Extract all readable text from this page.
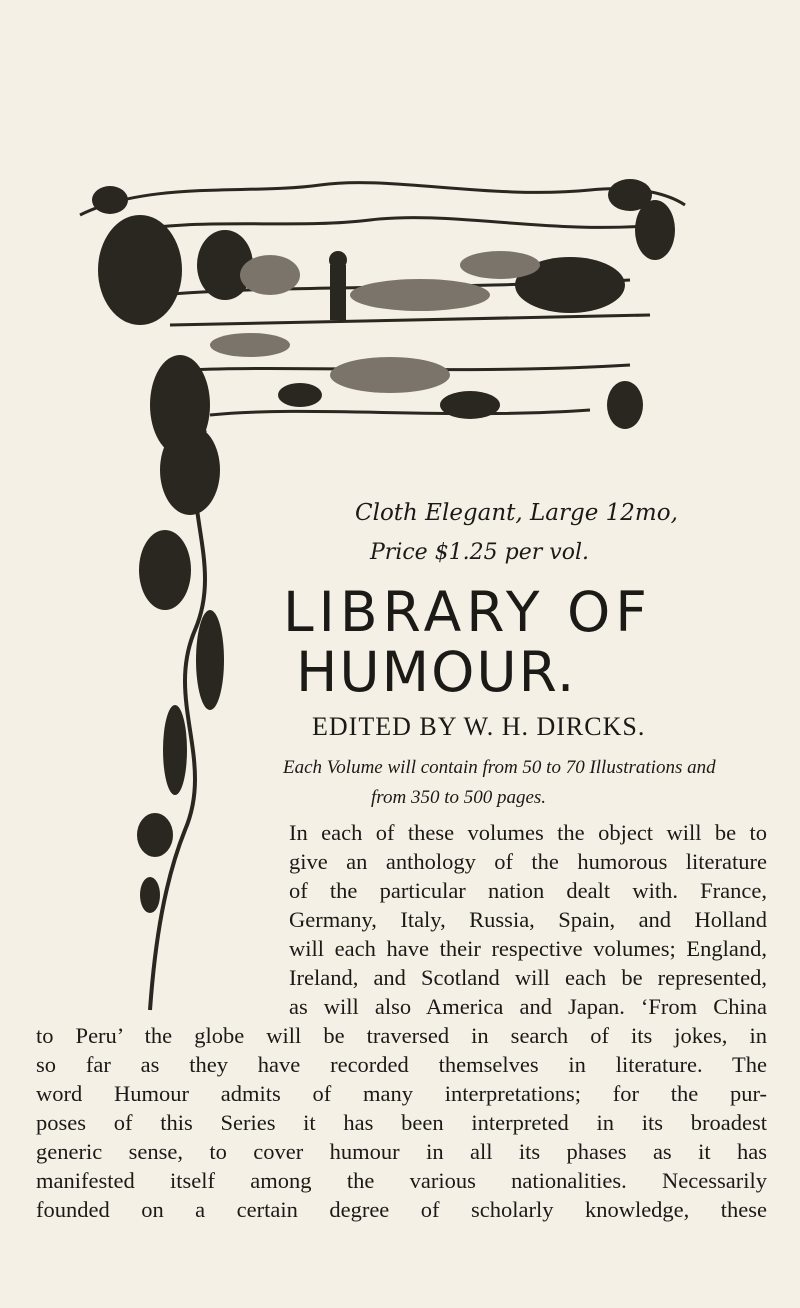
Cloth Elegant, Large 12mo,
Price $1.25 per vol.
LIBRARY OF
HUMOUR.
EDITED BY W. H. DIRCKS.
Each Volume will contain from 50 to 70 Illustrations and
from 350 to 500 pages.
In each of these volumes the object will be to
give an anthology of the humorous literature
of the particular nation dealt with. France,
Germany, Italy, Russia, Spain, and Holland
will each have their respective volumes; England,
Ireland, and Scotland will each be represented,
as will also America and Japan. ‘From China
to Peru’ the globe will be traversed in search of its jokes, in
so far as they have recorded themselves in literature. The
word Humour admits of many interpretations; for the pur-
poses of this Series it has been interpreted in its broadest
generic sense, to cover humour in all its phases as it has
manifested itself among the various nationalities. Necessarily
founded on a certain degree of scholarly knowledge, these
